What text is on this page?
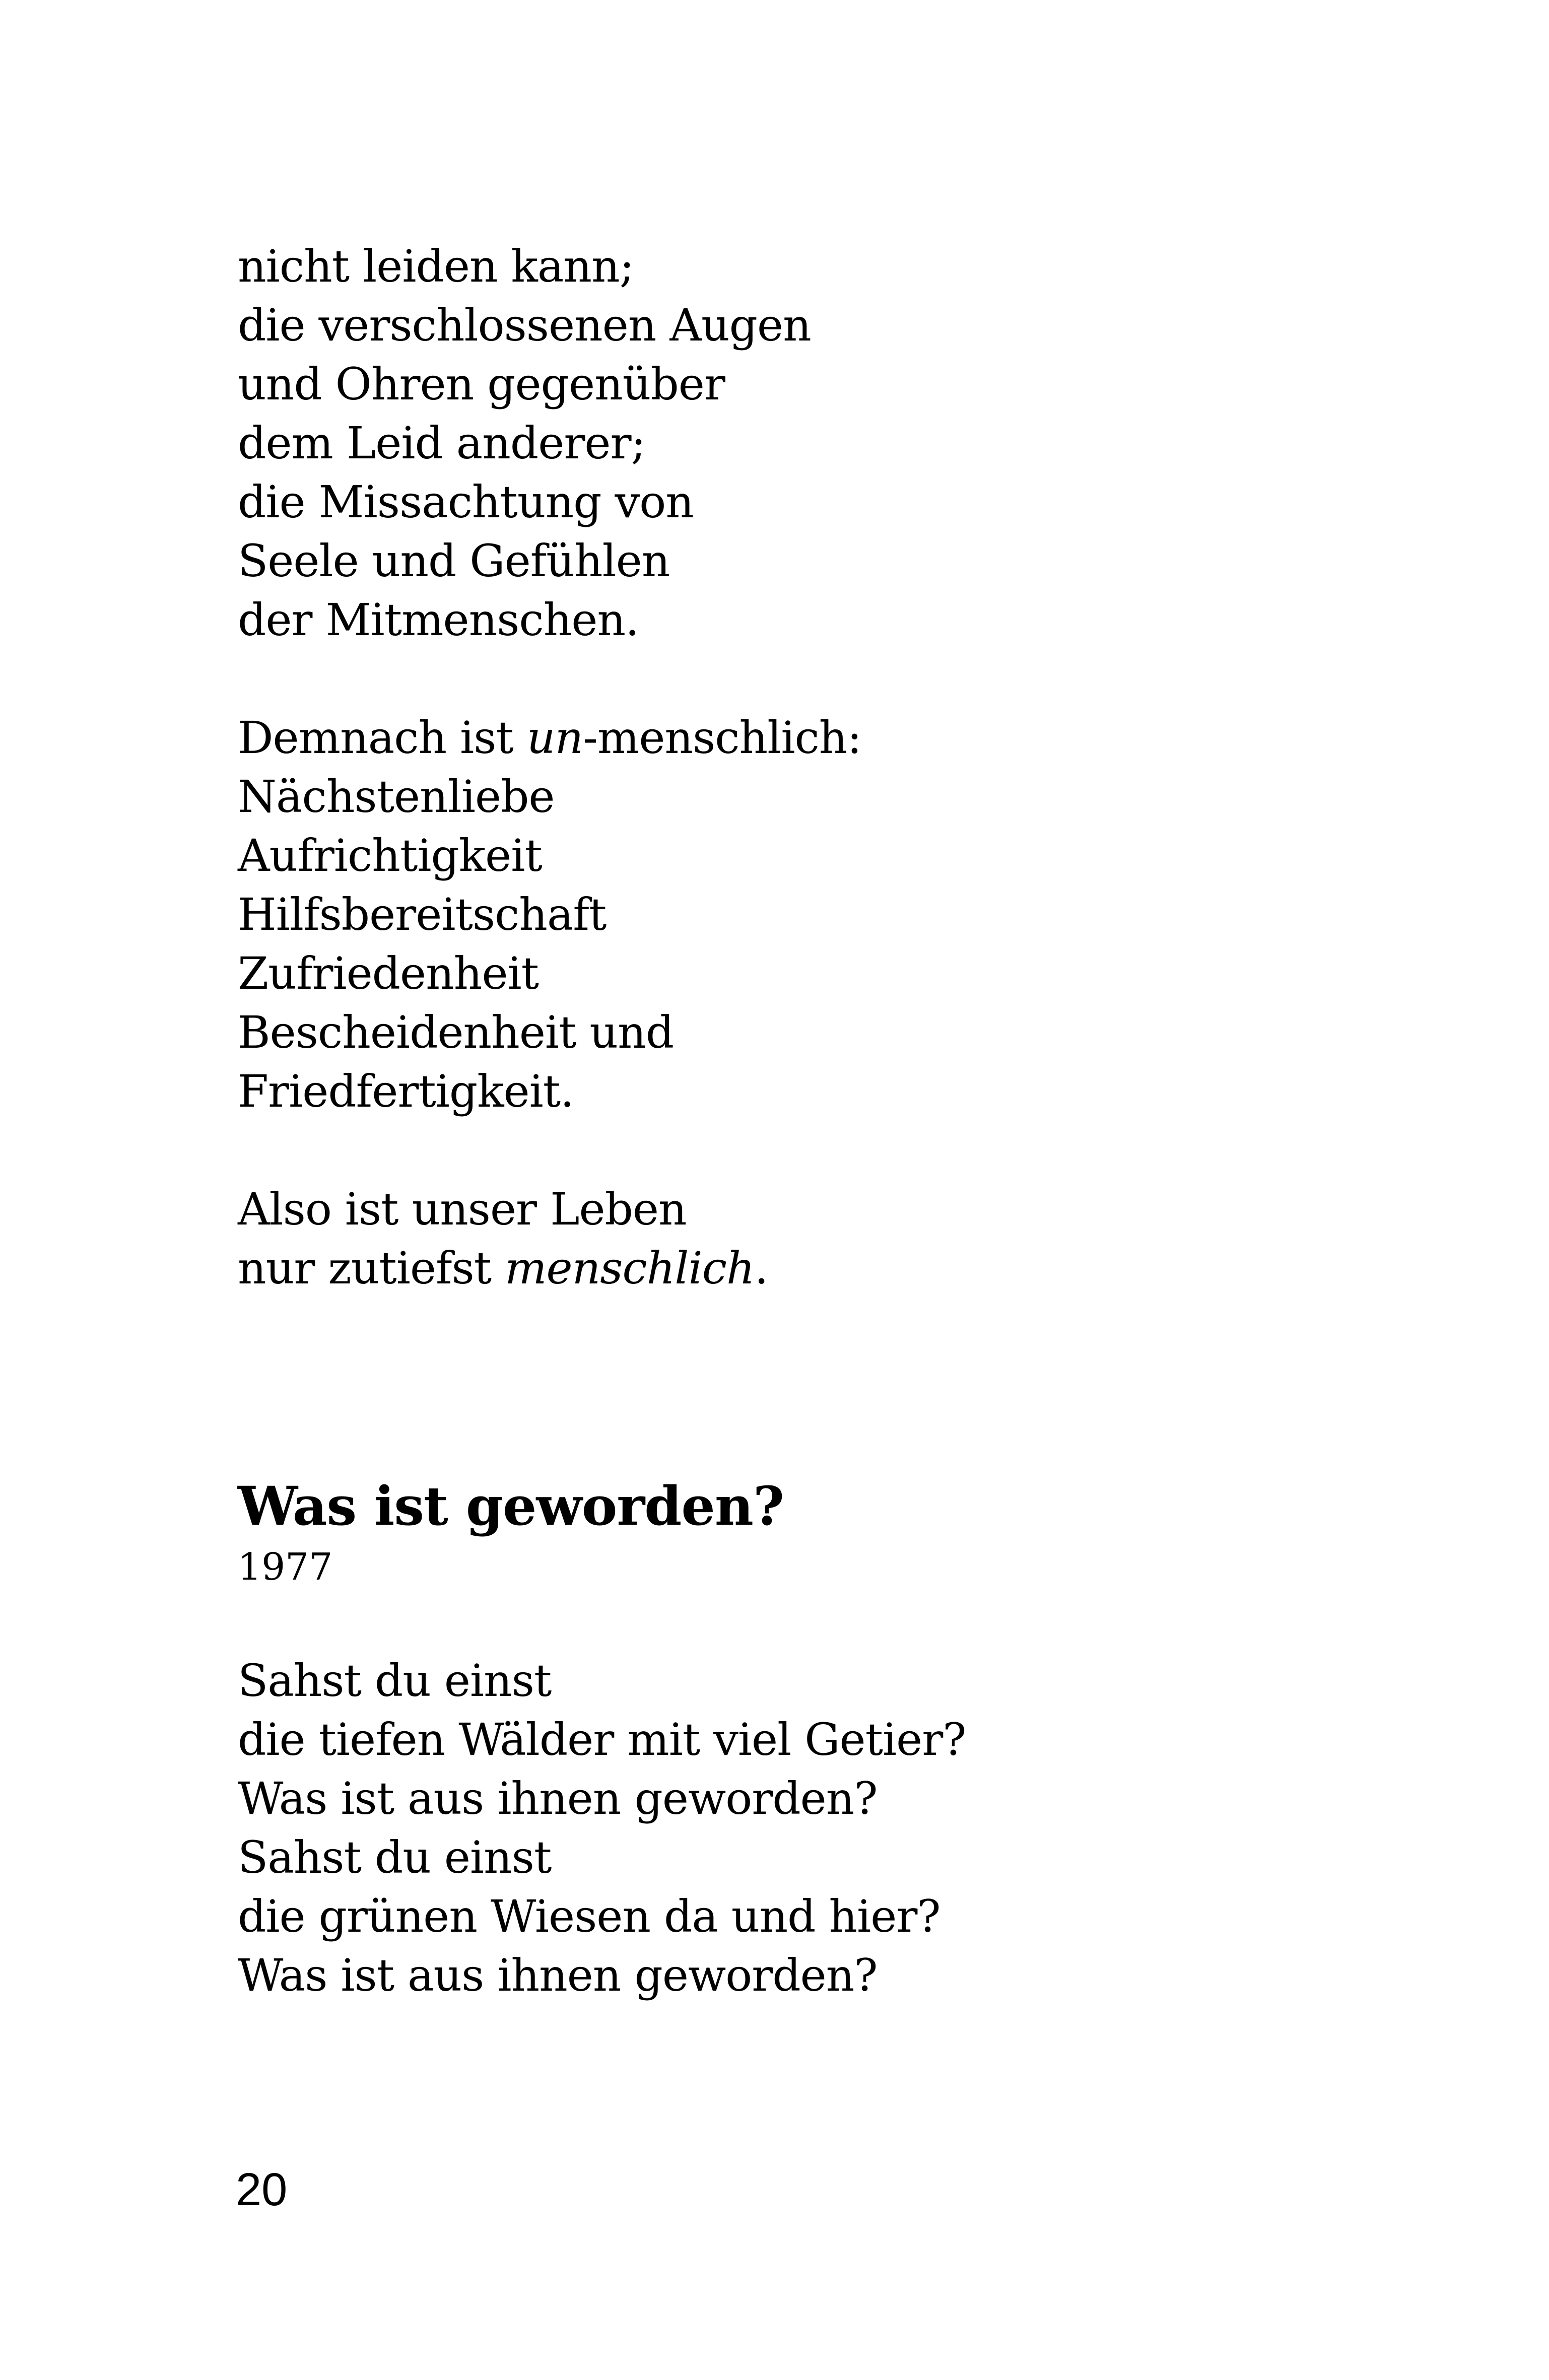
nicht leiden kann;
die verschlossenen Augen
und Ohren gegenüber
dem Leid anderer;
die Missachtung von
Seele und Gefühlen
der Mitmenschen.
Demnach ist un-menschlich:
Nächstenliebe
Aufrichtigkeit
Hilfsbereitschaft
Zufriedenheit
Bescheidenheit und
Friedfertigkeit.
Also ist unser Leben
nur zutiefst menschlich.
Was ist geworden?
1977
Sahst du einst
die tiefen Wälder mit viel Getier?
Was ist aus ihnen geworden?
Sahst du einst
die grünen Wiesen da und hier?
Was ist aus ihnen geworden?
20
